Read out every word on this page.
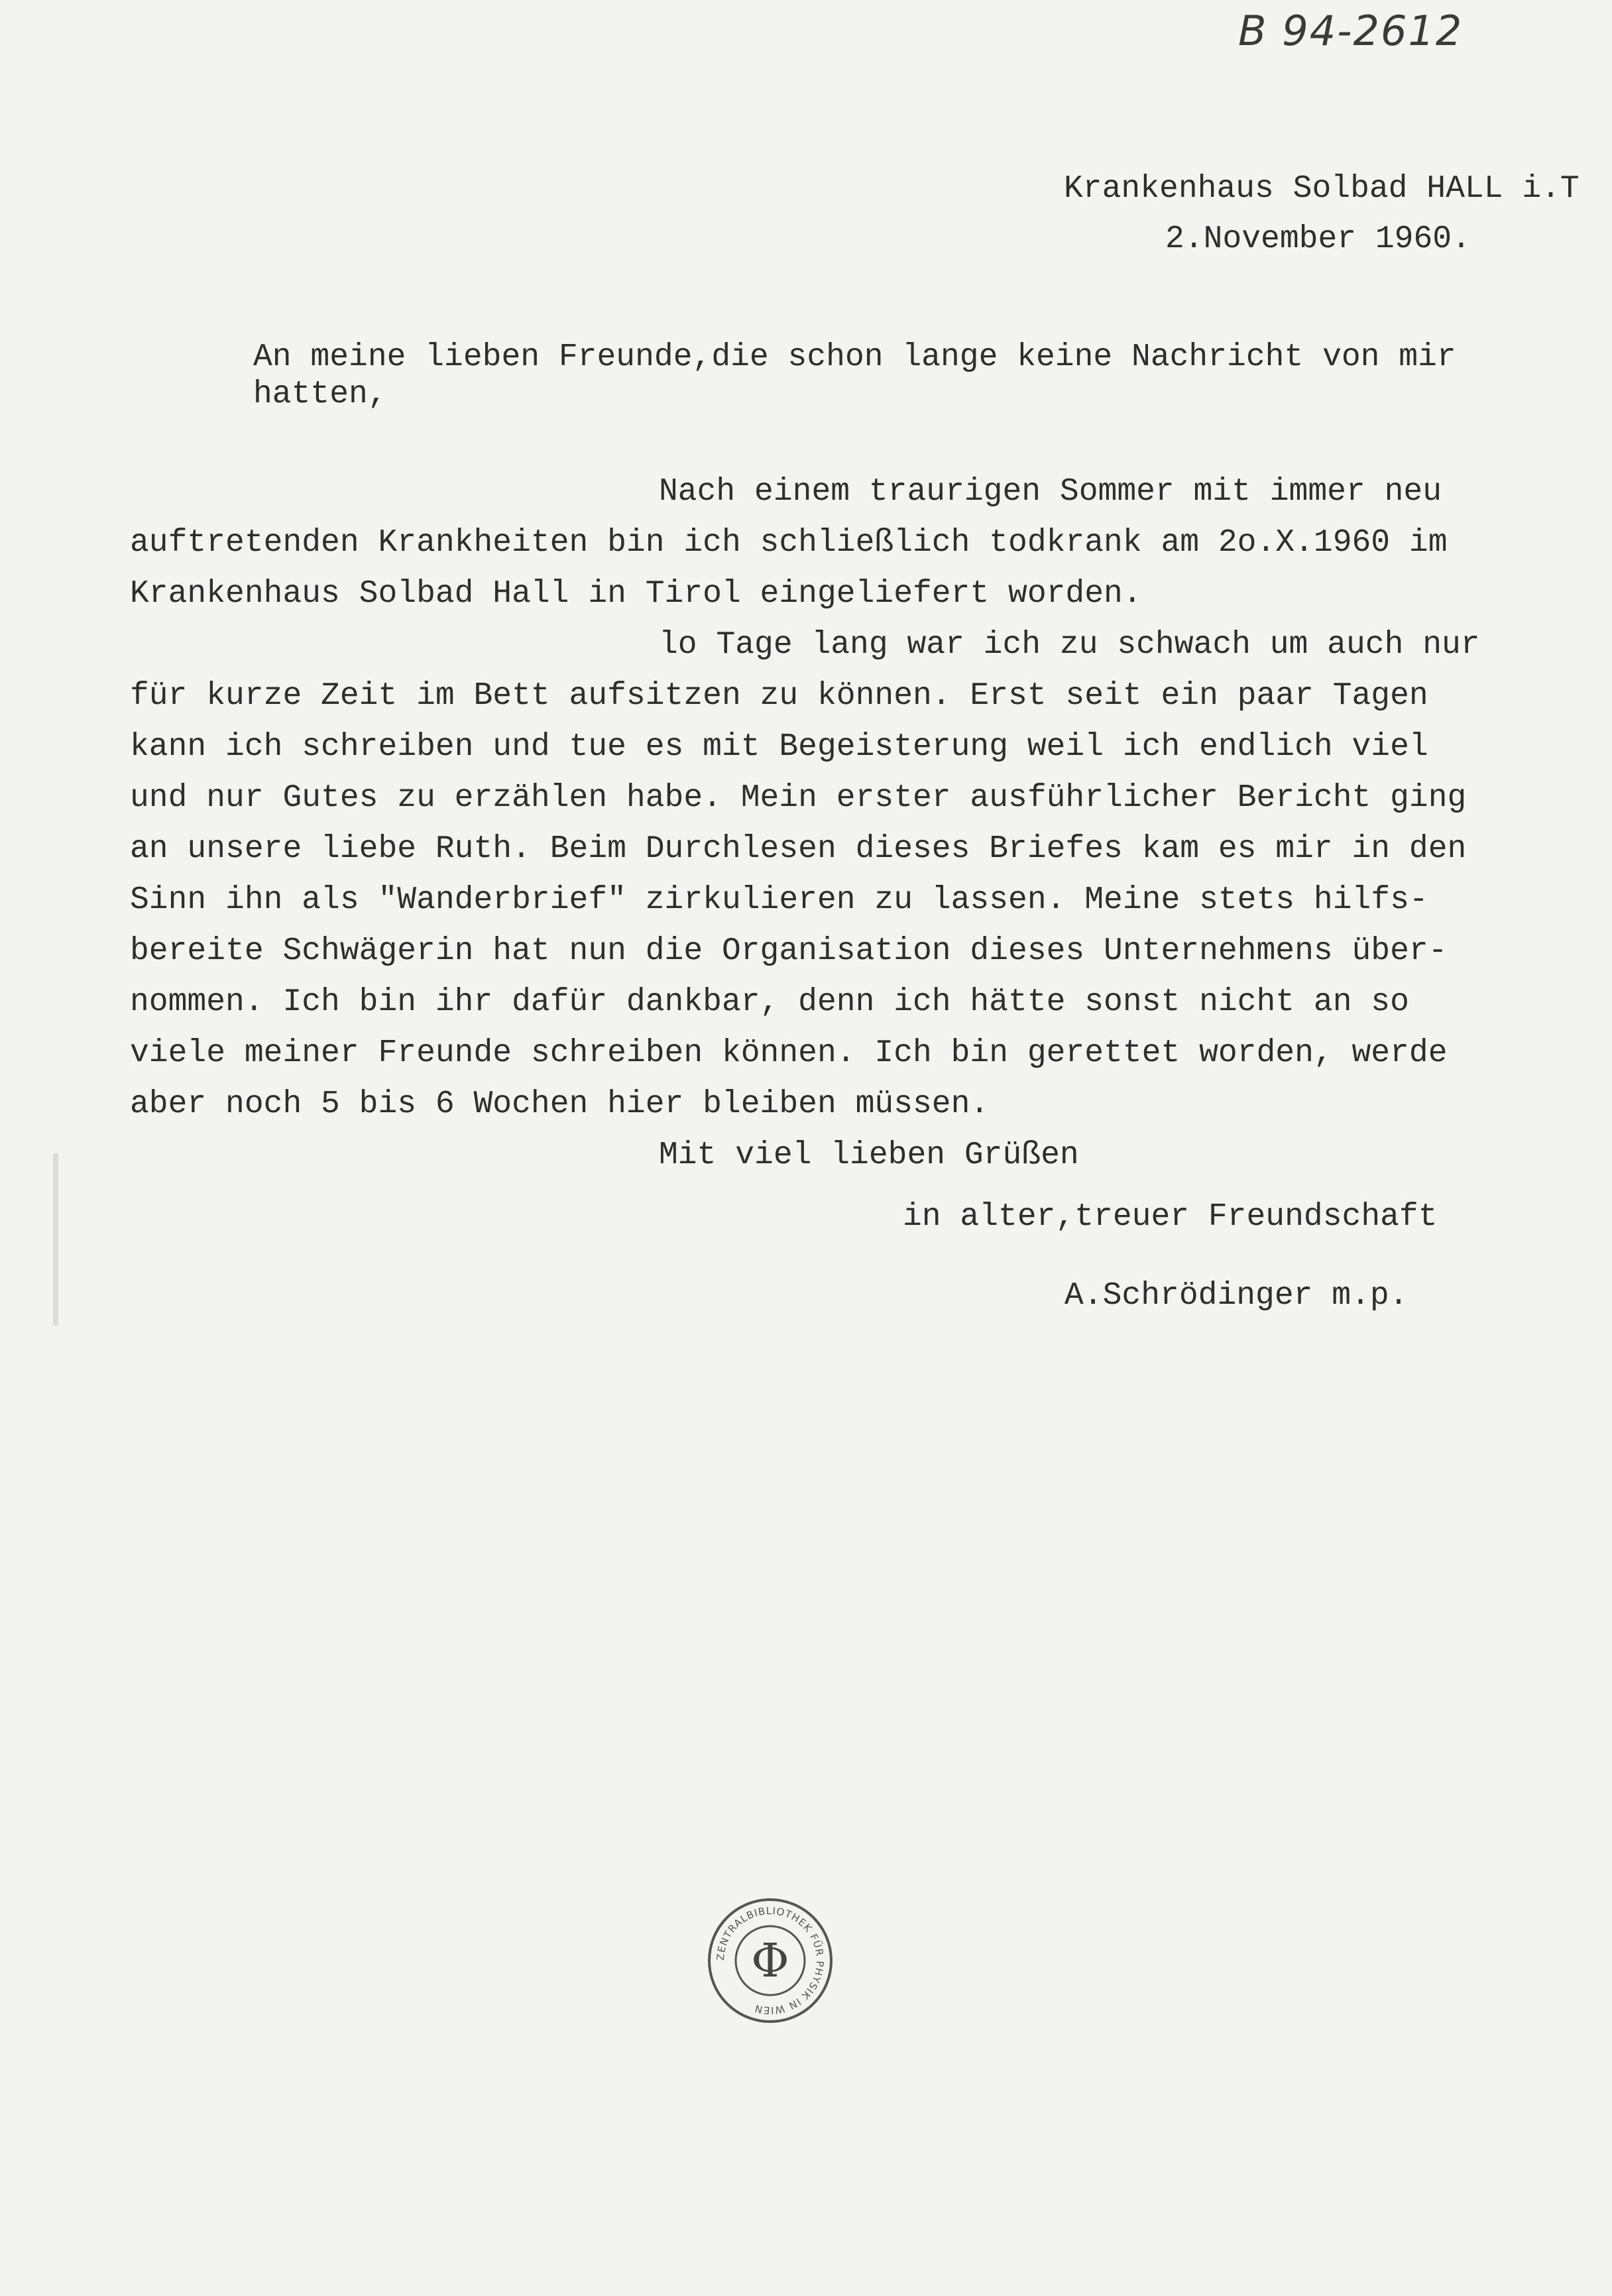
B 94-2612

Krankenhaus Solbad HALL i.T

2.November 1960.

An meine lieben Freunde,die schon lange keine Nachricht von mir

hatten,

Nach einem traurigen Sommer mit immer neu

auftretenden Krankheiten bin ich schließlich todkrank am 2o.X.1960 im

Krankenhaus Solbad Hall in Tirol eingeliefert worden.

lo Tage lang war ich zu schwach um auch nur

für kurze Zeit im Bett aufsitzen zu können. Erst seit ein paar Tagen

kann ich schreiben und tue es mit Begeisterung weil ich endlich viel

und nur Gutes zu erzählen habe. Mein erster ausführlicher Bericht ging

an unsere liebe Ruth. Beim Durchlesen dieses Briefes kam es mir in den

Sinn ihn als "Wanderbrief" zirkulieren zu lassen. Meine stets hilfs-

bereite Schwägerin hat nun die Organisation dieses Unternehmens über-

nommen. Ich bin ihr dafür dankbar, denn ich hätte sonst nicht an so

viele meiner Freunde schreiben können. Ich bin gerettet worden, werde

aber noch 5 bis 6 Wochen hier bleiben müssen.

Mit viel lieben Grüßen

in alter,treuer Freundschaft

A.Schrödinger m.p.

ZENTRALBIBLIOTHEK FÜR PHYSIK IN WIEN
Φ
